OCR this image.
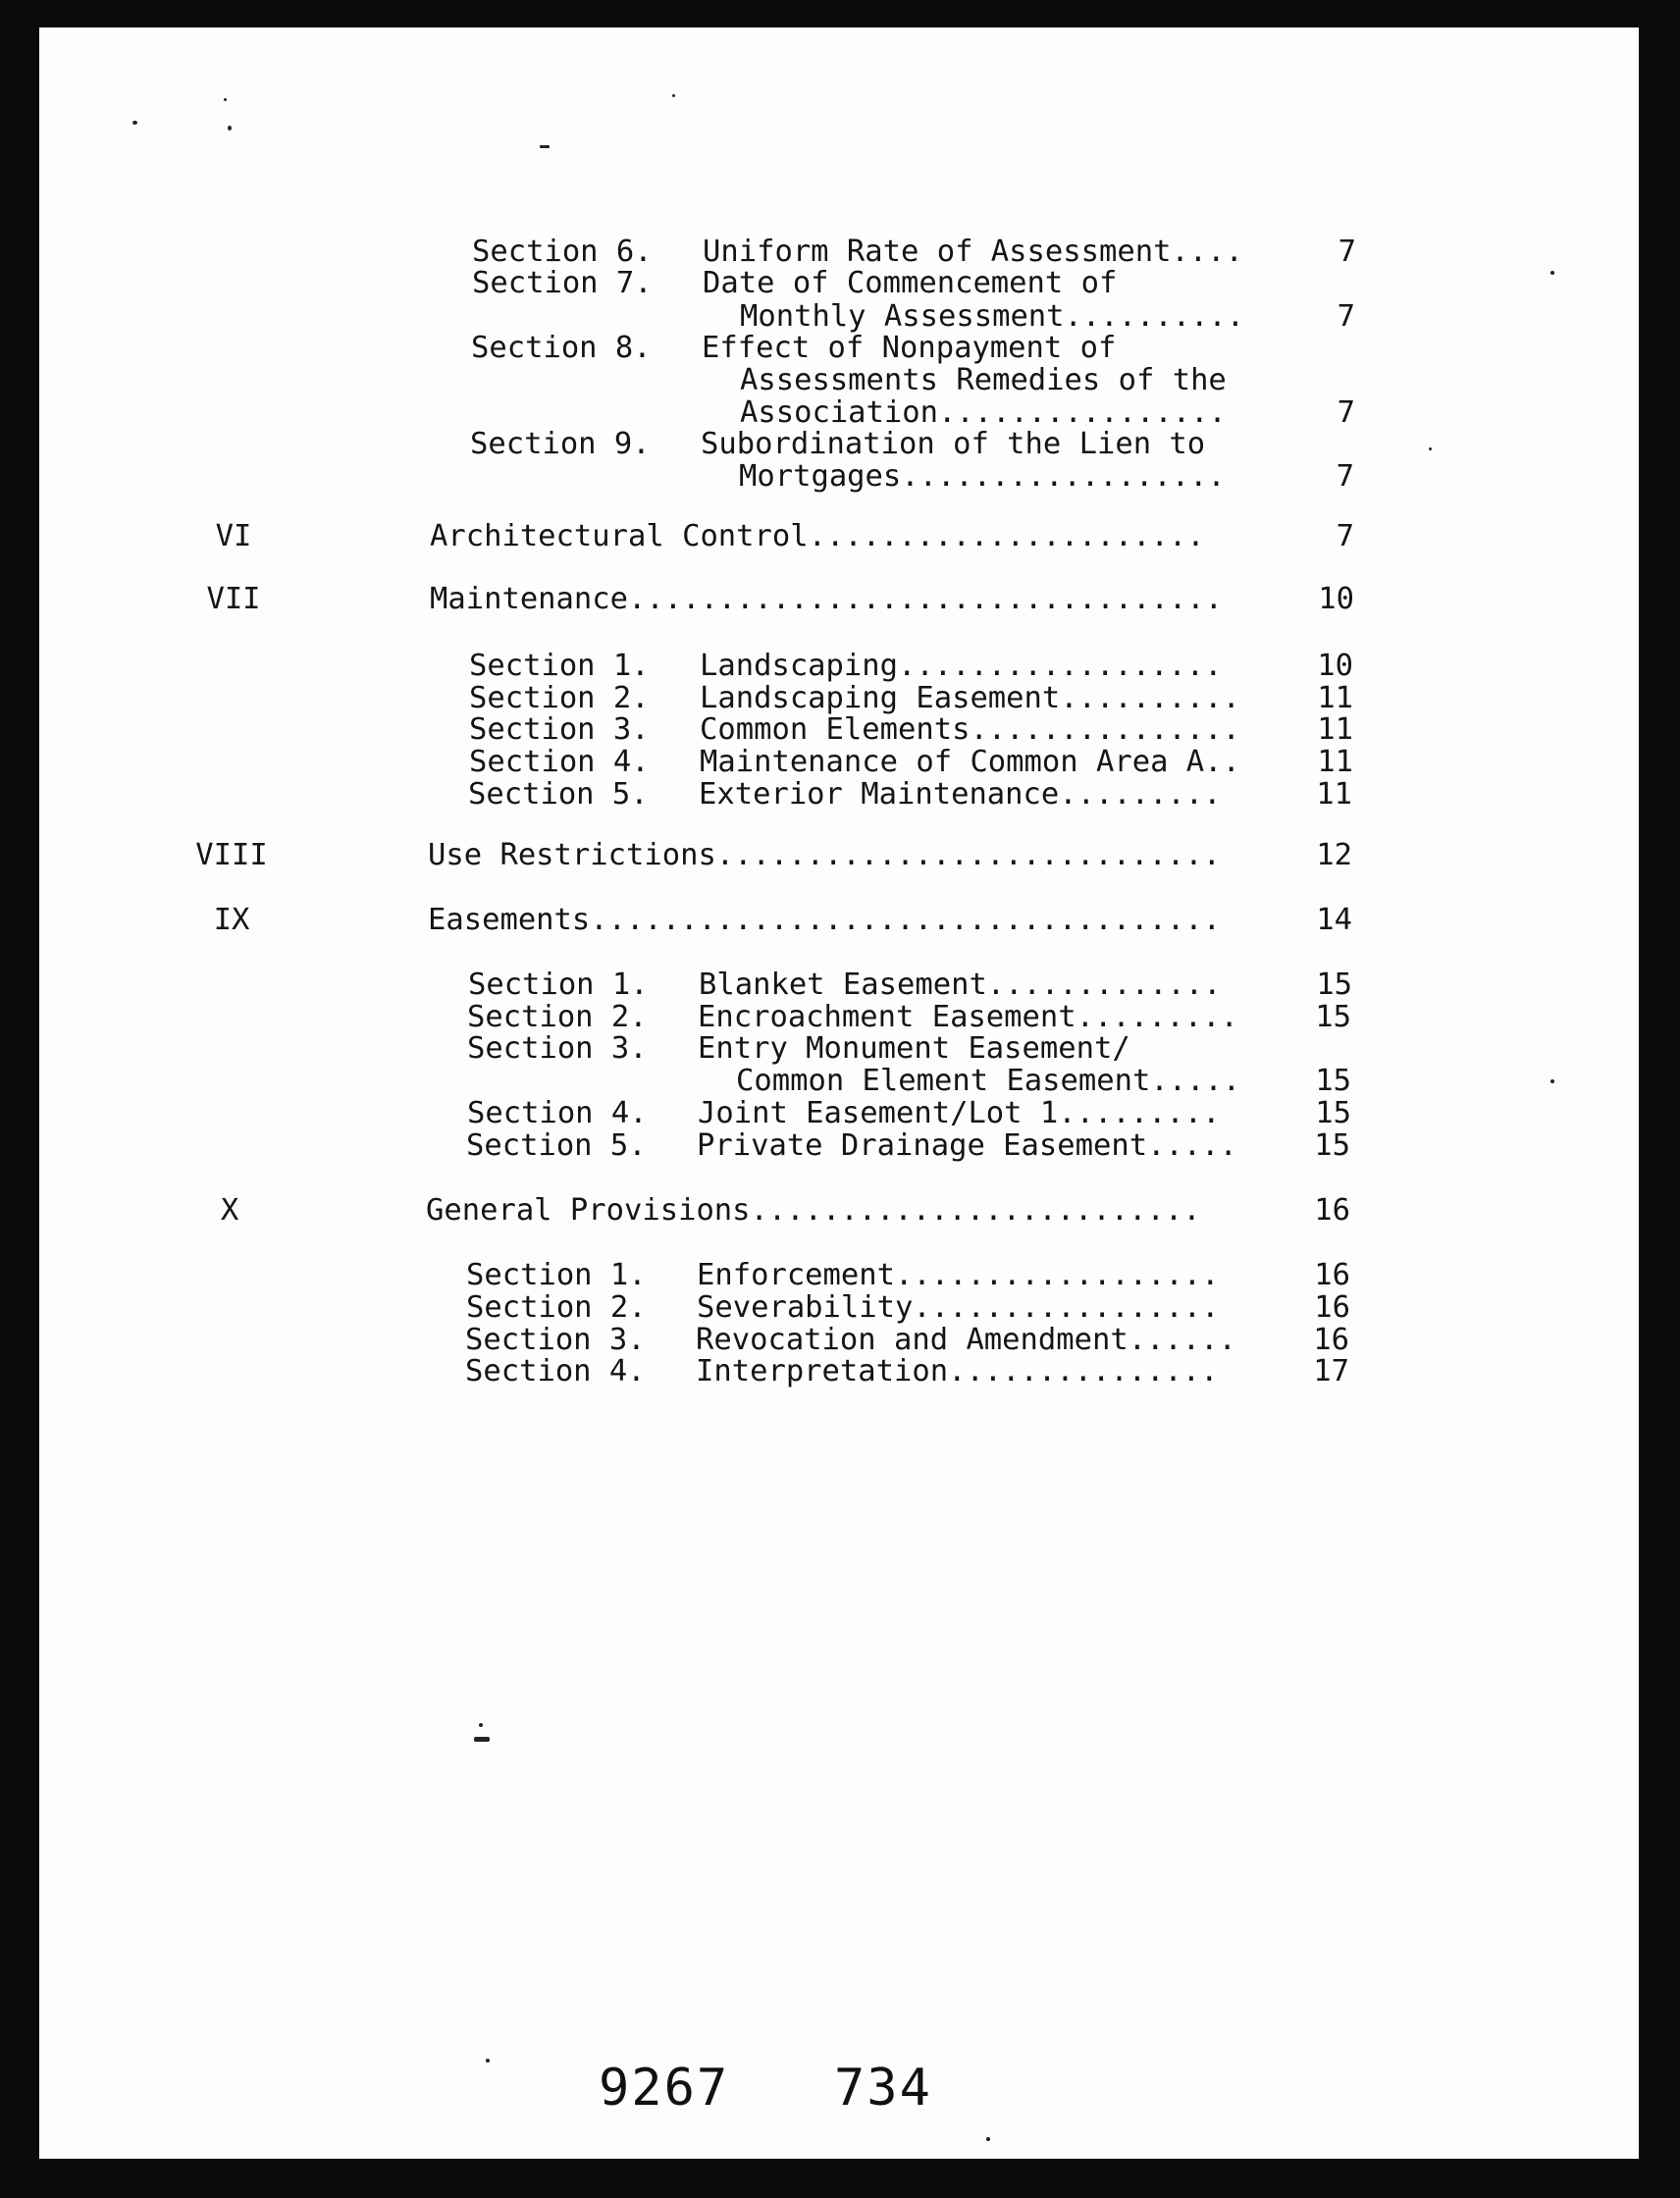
Section 6. Uniform Rate of Assessment....	7
Section 7. Date of Commencement of
Monthly Assessment..........	7
Section 8. Effect of Nonpayment of
Assessments Remedies of the
Association................	7
Section 9. Subordination of the Lien to
Mortgages..................	7
VI	Architectural Control......................	7
VII	Maintenance.................................	10
Section 1. Landscaping..................	10
Section 2. Landscaping Easement..........	11
Section 3. Common Elements...............	11
Section 4. Maintenance of Common Area A..	11
Section 5. Exterior Maintenance.........	11
VIII	Use Restrictions............................	12
IX	Easements...................................	14
Section 1. Blanket Easement.............	15
Section 2. Encroachment Easement.........	15
Section 3. Entry Monument Easement/
Common Element Easement.....	15
Section 4. Joint Easement/Lot 1.........	15
Section 5. Private Drainage Easement.....	15
X	General Provisions.........................	16
Section 1. Enforcement..................	16
Section 2. Severability.................	16
Section 3. Revocation and Amendment......	16
Section 4. Interpretation...............	17
9267 734
